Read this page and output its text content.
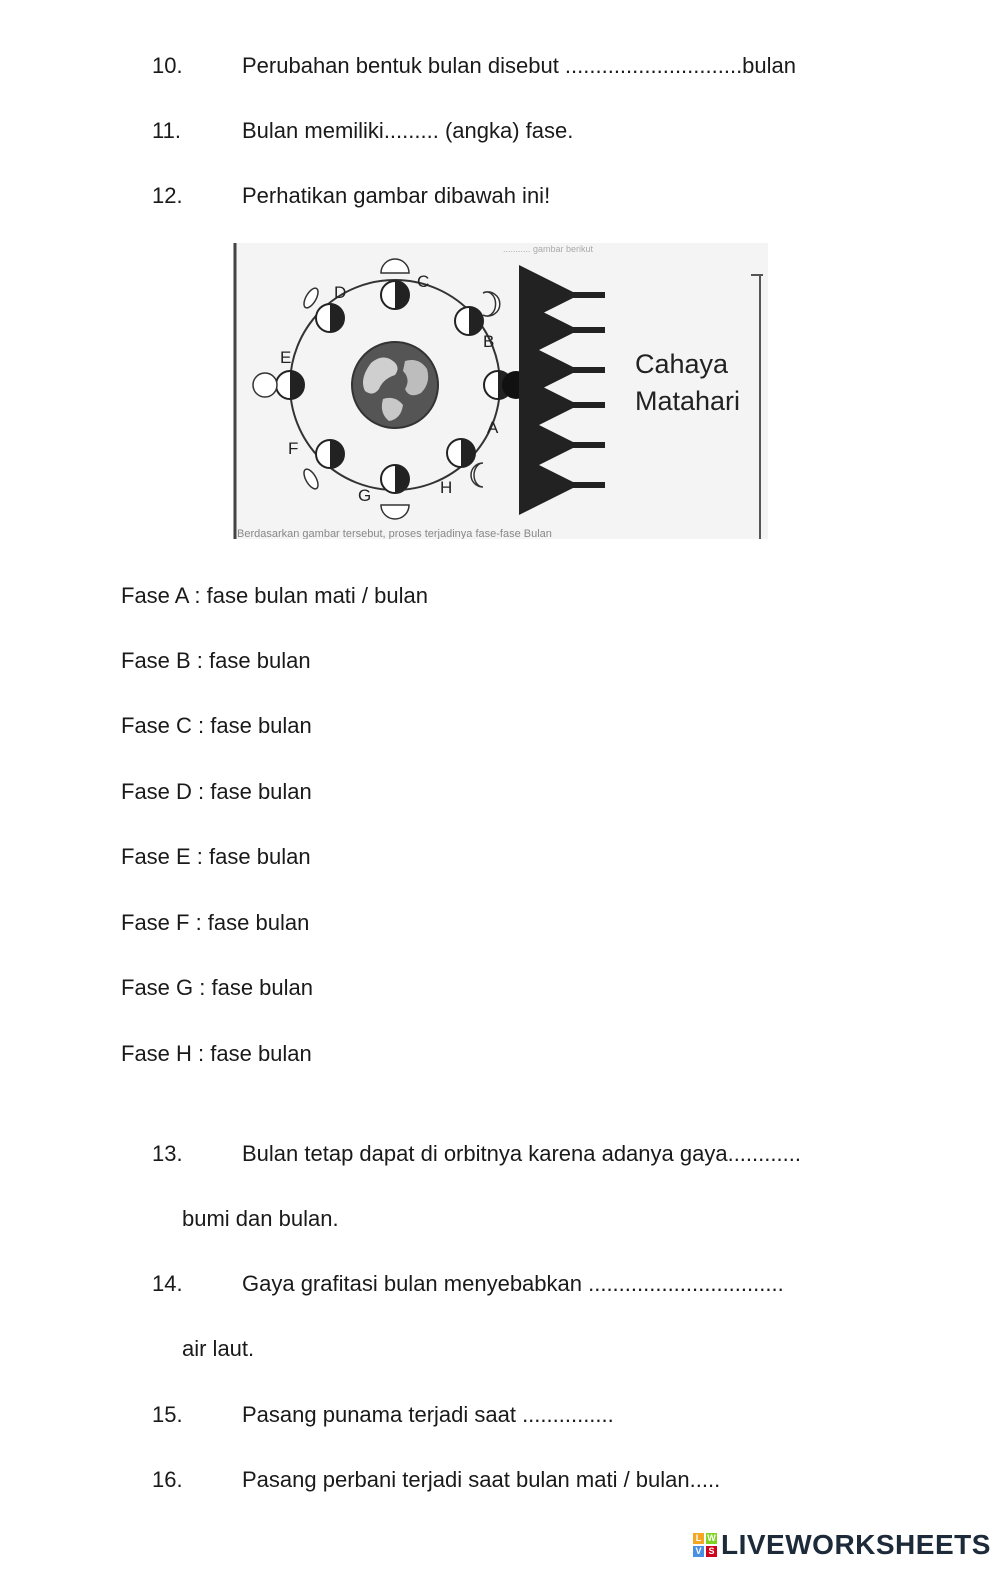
10.	Perubahan bentuk bulan disebut .............................bulan
11.	Bulan memiliki......... (angka) fase.
12.	Perhatikan gambar dibawah ini!
........... gambar berikut
A
B
C
D
E
F
G	H
Cahaya
Matahari
Berdasarkan gambar tersebut, proses terjadinya fase-fase Bulan
Fase A : fase bulan mati / bulan
Fase B : fase bulan
Fase C : fase bulan
Fase D : fase bulan
Fase E : fase bulan
Fase F : fase bulan
Fase G : fase bulan
Fase H : fase bulan
13.	Bulan tetap dapat di orbitnya karena adanya gaya............
bumi dan bulan.
14.	Gaya grafitasi bulan menyebabkan ................................
air laut.
15.	Pasang punama terjadi saat ...............
16.	Pasang perbani terjadi saat bulan mati / bulan.....
L W
V S LIVEWORKSHEETS
